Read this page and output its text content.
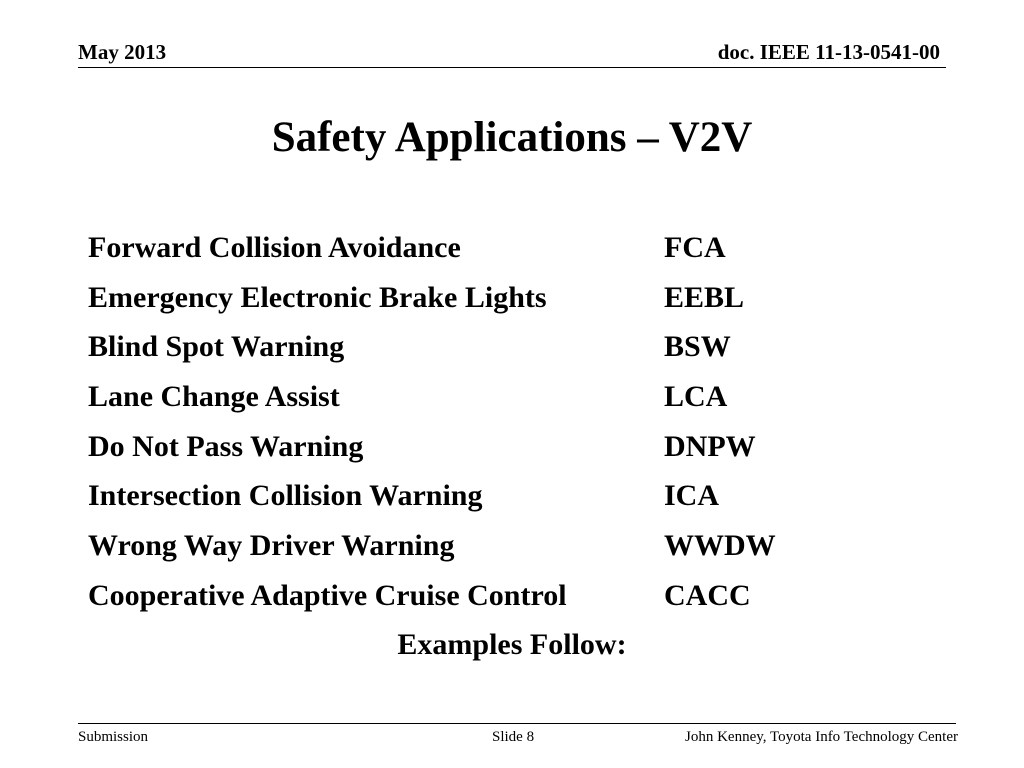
May 2013	doc. IEEE 11-13-0541-00
Safety Applications – V2V
Forward Collision Avoidance	FCA
Emergency Electronic Brake Lights	EEBL
Blind Spot Warning	BSW
Lane Change Assist	LCA
Do Not Pass Warning	DNPW
Intersection Collision Warning	ICA
Wrong Way Driver Warning	WWDW
Cooperative Adaptive Cruise Control	CACC
Examples Follow:
Submission	Slide 8	John Kenney, Toyota Info Technology Center
